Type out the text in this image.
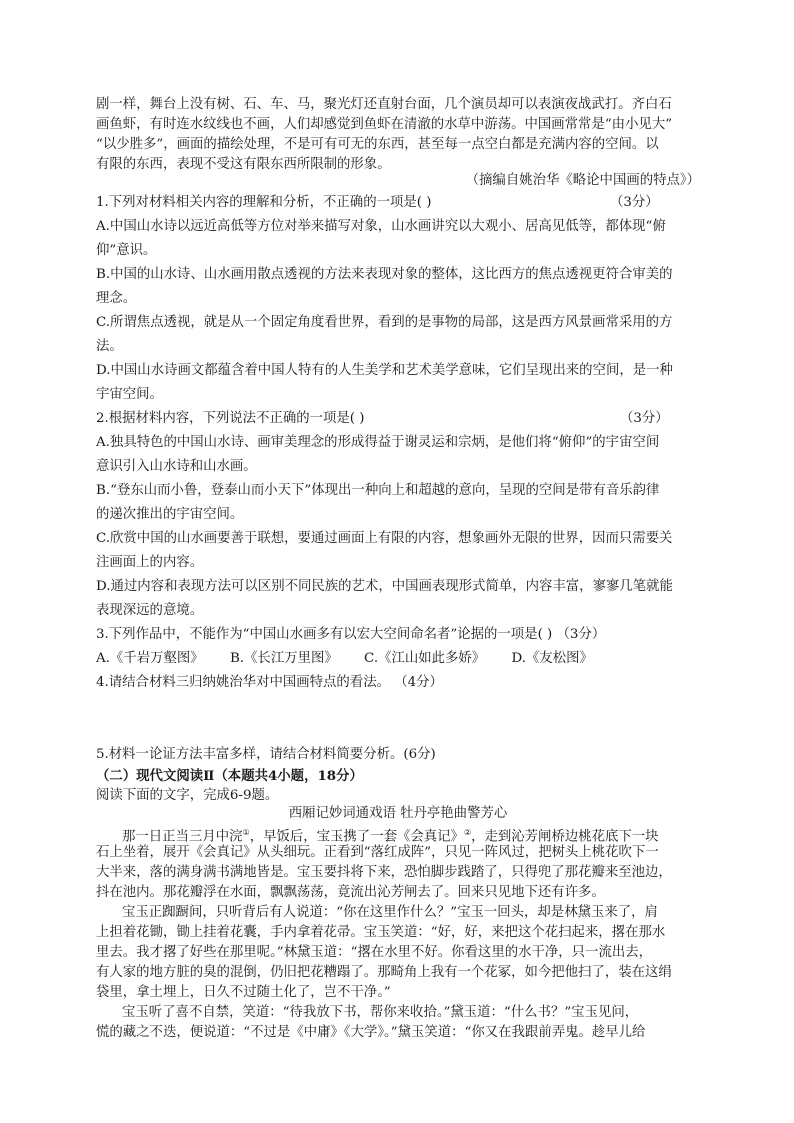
剧一样，舞台上没有树、石、车、马，聚光灯还直射台面，几个演员却可以表演夜战武打。齐白石
画鱼虾，有时连水纹线也不画，人们却感觉到鱼虾在清澈的水草中游荡。中国画常常是“由小见大”
“以少胜多”，画面的描绘处理，不是可有可无的东西，甚至每一点空白都是充满内容的空间。以
有限的东西，表现不受这有限东西所限制的形象。
（摘编自姚治华《略论中国画的特点》）
1.下列对材料相关内容的理解和分析，不正确的一项是( )	（3分）
A.中国山水诗以远近高低等方位对举来描写对象，山水画讲究以大观小、居高见低等，都体现“俯
仰”意识。
B.中国的山水诗、山水画用散点透视的方法来表现对象的整体，这比西方的焦点透视更符合审美的
理念。
C.所谓焦点透视，就是从一个固定角度看世界，看到的是事物的局部，这是西方风景画常采用的方
法。
D.中国山水诗画文都蕴含着中国人特有的人生美学和艺术美学意味，它们呈现出来的空间，是一种
宇宙空间。
2.根据材料内容，下列说法不正确的一项是( )	（3分）
A.独具特色的中国山水诗、画审美理念的形成得益于谢灵运和宗炳，是他们将“俯仰”的宇宙空间
意识引入山水诗和山水画。
B.“登东山而小鲁，登泰山而小天下”体现出一种向上和超越的意向，呈现的空间是带有音乐韵律
的递次推出的宇宙空间。
C.欣赏中国的山水画要善于联想，要通过画面上有限的内容，想象画外无限的世界，因而只需要关
注画面上的内容。
D.通过内容和表现方法可以区别不同民族的艺术，中国画表现形式简单，内容丰富，寥寥几笔就能
表现深远的意境。
3.下列作品中，不能作为“中国山水画多有以宏大空间命名者”论据的一项是( ) （3分）
A.《千岩万壑图》 B.《长江万里图》 C.《江山如此多娇》 D.《友松图》
4.请结合材料三归纳姚治华对中国画特点的看法。 （4分）
5.材料一论证方法丰富多样，请结合材料简要分析。(6分)
（二）现代文阅读Ⅱ（本题共4小题，18分）
阅读下面的文字，完成6-9题。
西厢记妙词通戏语 牡丹亭艳曲警芳心
那一日正当三月中浣①，早饭后，宝玉携了一套《会真记》②，走到沁芳闸桥边桃花底下一块
石上坐着，展开《会真记》从头细玩。正看到“落红成阵”，只见一阵风过，把树头上桃花吹下一
大半来，落的满身满书满地皆是。宝玉要抖将下来，恐怕脚步践踏了，只得兜了那花瓣来至池边，
抖在池内。那花瓣浮在水面，飘飘荡荡，竟流出沁芳闸去了。回来只见地下还有许多。
宝玉正踟蹰间，只听背后有人说道：“你在这里作什么？”宝玉一回头，却是林黛玉来了，肩
上担着花锄，锄上挂着花囊，手内拿着花帚。宝玉笑道：“好，好，来把这个花扫起来，撂在那水
里去。我才撂了好些在那里呢。”林黛玉道：“撂在水里不好。你看这里的水干净，只一流出去，
有人家的地方脏的臭的混倒，仍旧把花糟蹋了。那畸角上我有一个花冢，如今把他扫了，装在这绢
袋里，拿土埋上，日久不过随土化了，岂不干净。”
宝玉听了喜不自禁，笑道：“待我放下书，帮你来收拾。”黛玉道：“什么书？”宝玉见问，
慌的藏之不迭，便说道：“不过是《中庸》《大学》。”黛玉笑道：“你又在我跟前弄鬼。趁早儿给
